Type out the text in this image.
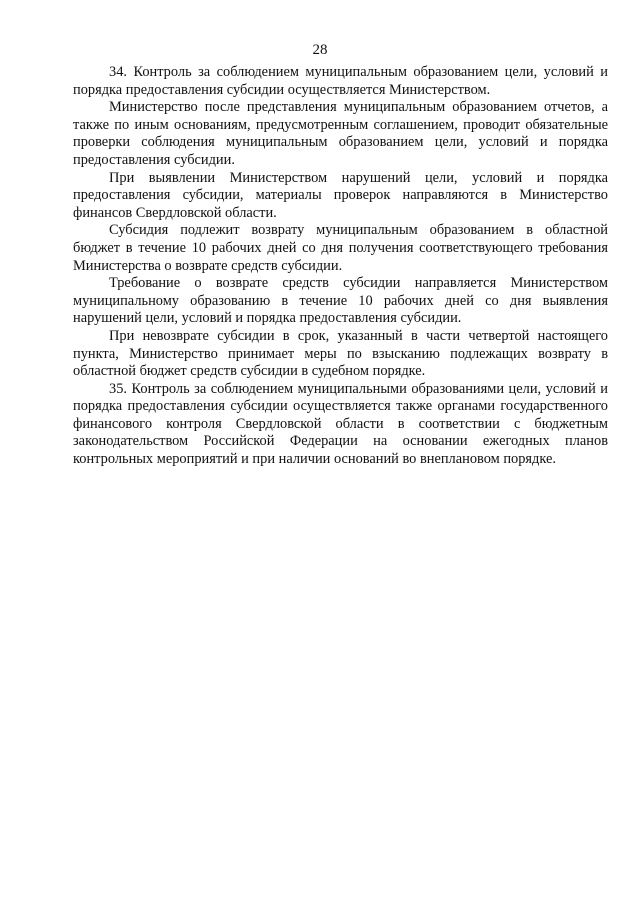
28

34. Контроль за соблюдением муниципальным образованием цели, условий и порядка предоставления субсидии осуществляется Министерством.

Министерство после представления муниципальным образованием отчетов, а также по иным основаниям, предусмотренным соглашением, проводит обязательные проверки соблюдения муниципальным образованием цели, условий и порядка предоставления субсидии.

При выявлении Министерством нарушений цели, условий и порядка предоставления субсидии, материалы проверок направляются в Министерство финансов Свердловской области.

Субсидия подлежит возврату муниципальным образованием в областной бюджет в течение 10 рабочих дней со дня получения соответствующего требования Министерства о возврате средств субсидии.

Требование о возврате средств субсидии направляется Министерством муниципальному образованию в течение 10 рабочих дней со дня выявления нарушений цели, условий и порядка предоставления субсидии.

При невозврате субсидии в срок, указанный в части четвертой настоящего пункта, Министерство принимает меры по взысканию подлежащих возврату в областной бюджет средств субсидии в судебном порядке.

35. Контроль за соблюдением муниципальными образованиями цели, условий и порядка предоставления субсидии осуществляется также органами государственного финансового контроля Свердловской области в соответствии с бюджетным законодательством Российской Федерации на основании ежегодных планов контрольных мероприятий и при наличии оснований во внеплановом порядке.
